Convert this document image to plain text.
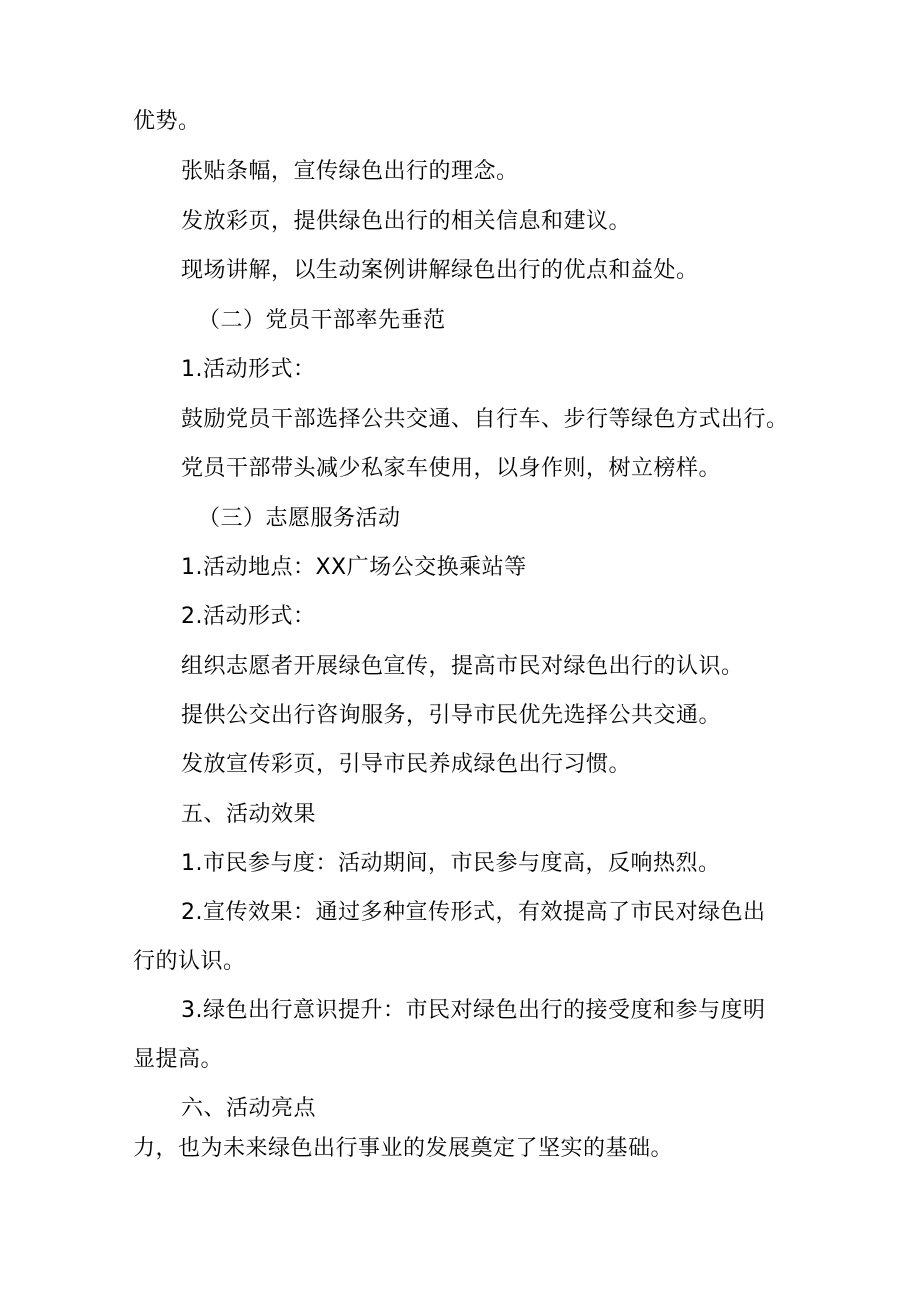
优势。
张贴条幅，宣传绿色出行的理念。
发放彩页，提供绿色出行的相关信息和建议。
现场讲解，以生动案例讲解绿色出行的优点和益处。
（二）党员干部率先垂范
1.活动形式：
鼓励党员干部选择公共交通、自行车、步行等绿色方式出行。
党员干部带头减少私家车使用，以身作则，树立榜样。
（三）志愿服务活动
1.活动地点：XX广场公交换乘站等
2.活动形式：
组织志愿者开展绿色宣传，提高市民对绿色出行的认识。
提供公交出行咨询服务，引导市民优先选择公共交通。
发放宣传彩页，引导市民养成绿色出行习惯。
五、活动效果
1.市民参与度：活动期间，市民参与度高，反响热烈。
2.宣传效果：通过多种宣传形式，有效提高了市民对绿色出
行的认识。
3.绿色出行意识提升：市民对绿色出行的接受度和参与度明
显提高。
六、活动亮点
力，也为未来绿色出行事业的发展奠定了坚实的基础。
